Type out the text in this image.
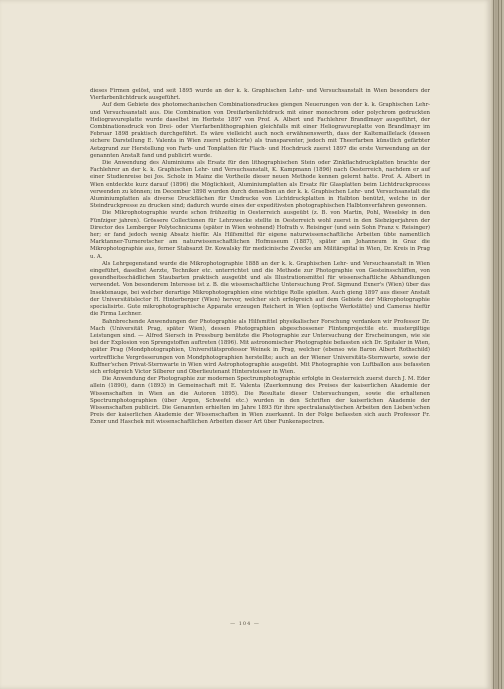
dieses Firmen gelöst, und seit 1895 wurde an der k. k. Graphischen Lehr- und Versuchsanstalt in Wien besonders der Vierfarbenlichtdruck ausgeführt.

Auf dem Gebiete des photomechanischen Combinationsdruckes giengen Neuerungen von der k. k. Graphischen Lehr- und Versuchsanstalt aus. Die Combination von Dreifarbenlichtdruck mit einer monochrom oder polychrom gedruckten Heliogravureplatte wurde daselbst im Herbste 1897 von Prof. A. Albert und Fachlehrer Brandlmayr ausgeführt, der Combinationsdruck von Drei- oder Vierfarbenlithographien gleichfalls mit einer Heliogravureplatte von Brandlmayr im Februar 1898 praktisch durchgeführt. Es wäre vielleicht auch noch erwähnenswerth, dass der Kaltemaillelack (dessen sichere Darstellung E. Valenta in Wien zuerst publicirte) als transparenter, jedoch mit Theerfarben künstlich gefärbter Aetzgrund zur Herstellung von Farb- und Tonplatten für Flach- und Hochdruck zuerst 1897 die erste Verwendung an der genannten Anstalt fand und publicirt wurde.

Die Anwendung des Aluminiums als Ersatz für den lithographischen Stein oder Zinkflachdruckplatten brachte der Fachlehrer an der k. k. Graphischen Lehr- und Versuchsanstalt, K. Kampmann (1896) nach Oesterreich, nachdem er auf einer Studienreise bei Jos. Scholz in Mainz die Vortheile dieser neuen Methode kennen gelernt hatte. Prof. A. Albert in Wien entdeckte kurz darauf (1896) die Möglichkeit, Aluminiumplatten als Ersatz für Glasplatten beim Lichtdruckprocess verwenden zu können; im December 1898 wurden durch denselben an der k. k. Graphischen Lehr- und Versuchsanstalt die Aluminiumplatten als diverse Druckflächen für Umdrucke von Lichtdruckplatten in Halbton benützt, welche in der Steindruckpresse zu drucken sind; dadurch wurde eines der expeditivsten photographischen Halbtonverfahren gewonnen.

Die Mikrophotographie wurde schon frühzeitig in Oesterreich ausgeübt (z. B. von Martin, Pohl, Weselsky in den Fünfziger jahren). Grössere Collectionen für Lehrzwecke stellte in Oesterreich wohl zuerst in den Siebzigerjahren der Director des Lemberger Polytechnicums (später in Wien wohnend) Hofrath v. Reisinger (und sein Sohn Franz v. Reisinger) her; er fand jedoch wenig Absatz hiefür. Als Hilfsmittel für eigene naturwissenschaftliche Arbeiten übte namentlich Marktanner-Turneretscher am naturwissenschaftlichen Hofmuseum (1887), später am Johanneum in Graz die Mikrophotographie aus, ferner Stabsarzt Dr. Kowalsky für medicinische Zwecke am Militärspital in Wien, Dr. Kreis in Prag u. A.

Als Lehrgegenstand wurde die Mikrophotographie 1888 an der k. k. Graphischen Lehr- und Versuchsanstalt in Wien eingeführt, daselbst Aerzte, Techniker etc. unterrichtet und die Methode zur Photographie von Gesteinsschliffen, von gesundheitsschädlichen Staubarten praktisch ausgeübt und als Illustrationsmittel für wissenschaftliche Abhandlungen verwendet. Von besonderem Interesse ist z. B. die wissenschaftliche Untersuchung Prof. Sigmund Exner's (Wien) über das Insektenauge, bei welcher derartige Mikrophotographien eine wichtige Rolle spielten. Auch gieng 1897 aus dieser Anstalt der Universitätslector H. Hinterberger (Wien) hervor, welcher sich erfolgreich auf dem Gebiete der Mikrophotographie specialisirte. Gute mikrophotographische Apparate erzeugen Reichert in Wien (optische Werkstätte) und Cameras hiefür die Firma Lechner.

Bahnbrechende Anwendungen der Photographie als Hilfsmittel physikalischer Forschung verdanken wir Professor Dr. Mach (Universität Prag, später Wien), dessen Photographien abgeschossener Flintenprojectile etc. mustergiltige Leistungen sind. — Alfred Siersch in Pressburg benützte die Photographie zur Untersuchung der Erscheinungen, wie sie bei der Explosion von Sprengstoffen auftreten (1896). Mit astronomischer Photographie befassten sich Dr. Spitaler in Wien, später Prag (Mondphotographien, Universitätsprofessor Weinek in Prag, welcher (ebenso wie Baron Albert Rothschild) vortreffliche Vergrösserungen von Mondphotographien herstellte; auch an der Wiener Universitäts-Sternwarte, sowie der Kuffner'schen Privat-Sternwarte in Wien wird Astrophotographie ausgeübt. Mit Photographie von Luftballon aus befassten sich erfolgreich Victor Silberer und Oberlieutenant Hinterstoisser in Wien.

Die Anwendung der Photographie zur modernen Spectrumphotographie erfolgte in Oesterreich zuerst durch J. M. Eder allein (1890), dann (1893) in Gemeinschaft mit E. Valenta (Zuerkennung des Preises der kaiserlichen Akademie der Wissenschaften in Wien an die Autoren 1895). Die Resultate dieser Untersuchungen, sowie die erhaltenen Spectrumphotographien (über Argon, Schwefel etc.) wurden in den Schriften der kaiserlichen Akademie der Wissenschaften publicirt. Die Genannten erhielten im Jahre 1893 für ihre spectralanalytischen Arbeiten den Lieben'schen Preis der kaiserlichen Akademie der Wissenschaften in Wien zuerkannt. In der Folge befassten sich auch Professor Fr. Exner und Haschek mit wissenschaftlichen Arbeiten dieser Art über Funkenspectren.

— 104 —
